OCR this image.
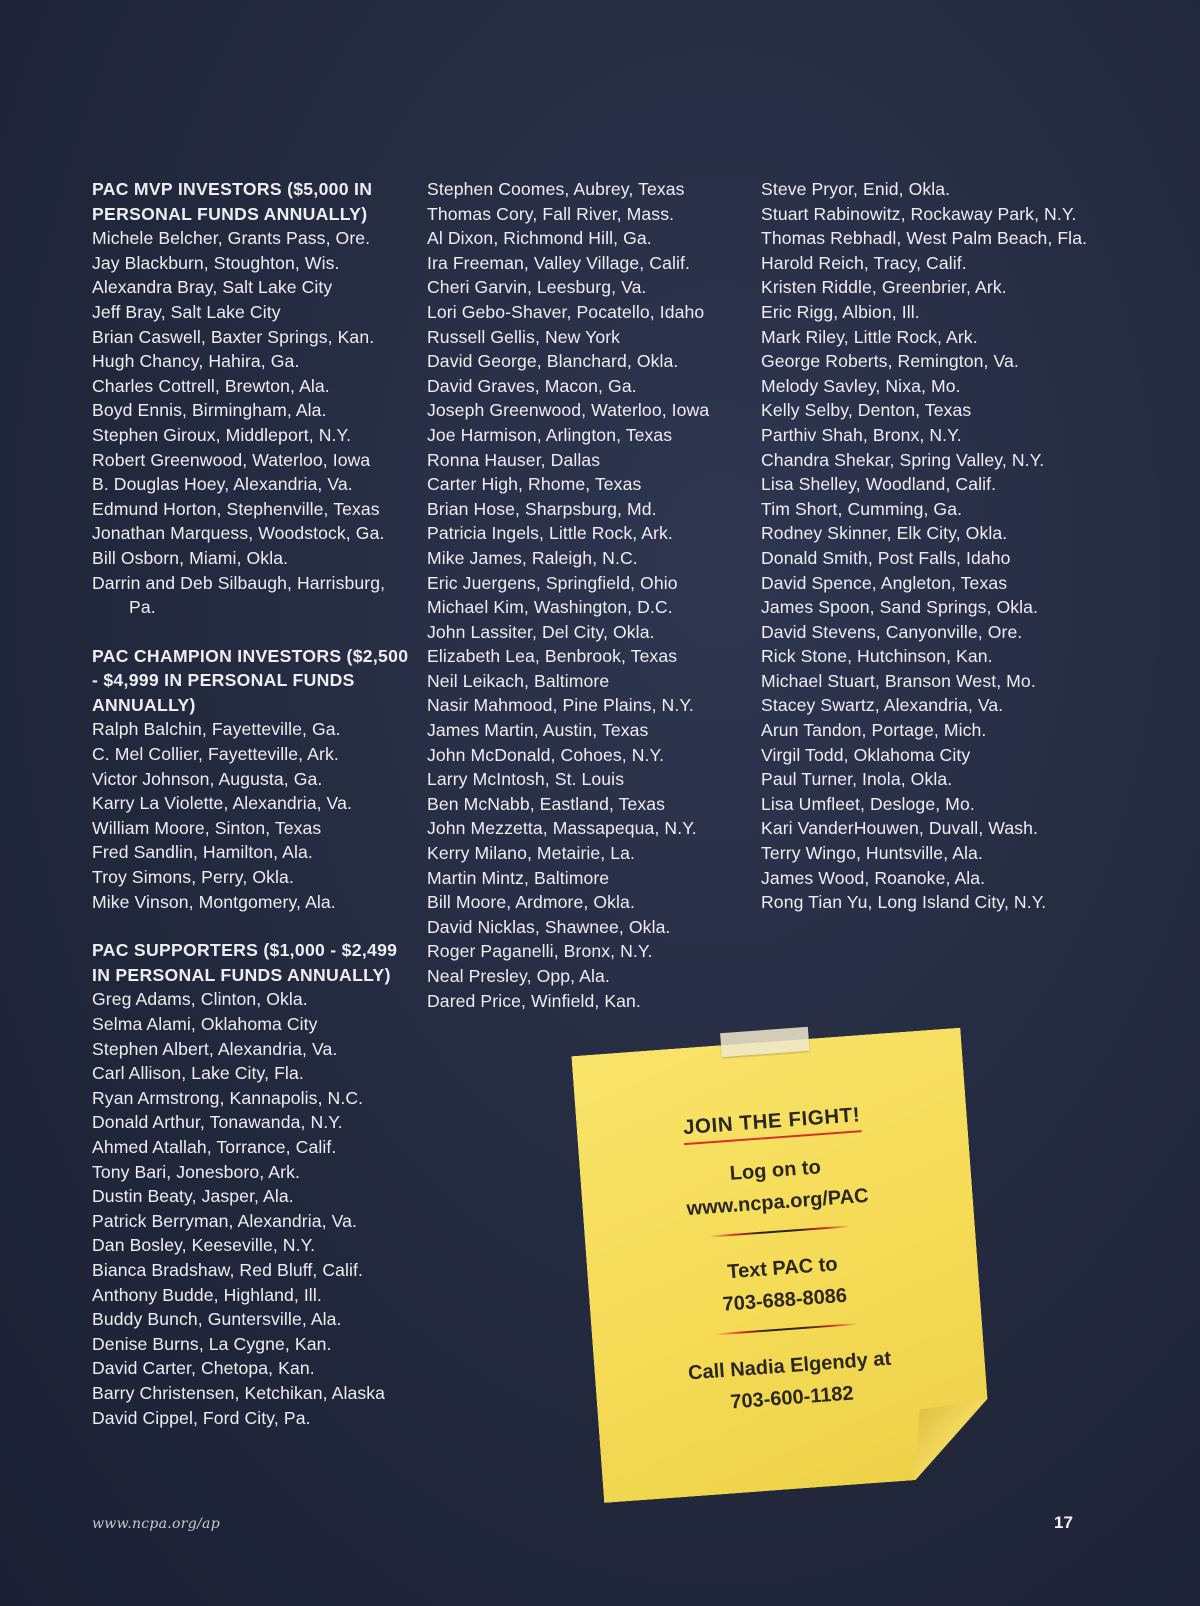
PAC MVP INVESTORS ($5,000 IN PERSONAL FUNDS ANNUALLY)
Michele Belcher, Grants Pass, Ore.
Jay Blackburn, Stoughton, Wis.
Alexandra Bray, Salt Lake City
Jeff Bray, Salt Lake City
Brian Caswell, Baxter Springs, Kan.
Hugh Chancy, Hahira, Ga.
Charles Cottrell, Brewton, Ala.
Boyd Ennis, Birmingham, Ala.
Stephen Giroux, Middleport, N.Y.
Robert Greenwood, Waterloo, Iowa
B. Douglas Hoey, Alexandria, Va.
Edmund Horton, Stephenville, Texas
Jonathan Marquess, Woodstock, Ga.
Bill Osborn, Miami, Okla.
Darrin and Deb Silbaugh, Harrisburg, Pa.
PAC CHAMPION INVESTORS ($2,500 - $4,999 IN PERSONAL FUNDS ANNUALLY)
Ralph Balchin, Fayetteville, Ga.
C. Mel Collier, Fayetteville, Ark.
Victor Johnson, Augusta, Ga.
Karry La Violette, Alexandria, Va.
William Moore, Sinton, Texas
Fred Sandlin, Hamilton, Ala.
Troy Simons, Perry, Okla.
Mike Vinson, Montgomery, Ala.
PAC SUPPORTERS ($1,000 - $2,499 IN PERSONAL FUNDS ANNUALLY)
Greg Adams, Clinton, Okla.
Selma Alami, Oklahoma City
Stephen Albert, Alexandria, Va.
Carl Allison, Lake City, Fla.
Ryan Armstrong, Kannapolis, N.C.
Donald Arthur, Tonawanda, N.Y.
Ahmed Atallah, Torrance, Calif.
Tony Bari, Jonesboro, Ark.
Dustin Beaty, Jasper, Ala.
Patrick Berryman, Alexandria, Va.
Dan Bosley, Keeseville, N.Y.
Bianca Bradshaw, Red Bluff, Calif.
Anthony Budde, Highland, Ill.
Buddy Bunch, Guntersville, Ala.
Denise Burns, La Cygne, Kan.
David Carter, Chetopa, Kan.
Barry Christensen, Ketchikan, Alaska
David Cippel, Ford City, Pa.
Stephen Coomes, Aubrey, Texas
Thomas Cory, Fall River, Mass.
Al Dixon, Richmond Hill, Ga.
Ira Freeman, Valley Village, Calif.
Cheri Garvin, Leesburg, Va.
Lori Gebo-Shaver, Pocatello, Idaho
Russell Gellis, New York
David George, Blanchard, Okla.
David Graves, Macon, Ga.
Joseph Greenwood, Waterloo, Iowa
Joe Harmison, Arlington, Texas
Ronna Hauser, Dallas
Carter High, Rhome, Texas
Brian Hose, Sharpsburg, Md.
Patricia Ingels, Little Rock, Ark.
Mike James, Raleigh, N.C.
Eric Juergens, Springfield, Ohio
Michael Kim, Washington, D.C.
John Lassiter, Del City, Okla.
Elizabeth Lea, Benbrook, Texas
Neil Leikach, Baltimore
Nasir Mahmood, Pine Plains, N.Y.
James Martin, Austin, Texas
John McDonald, Cohoes, N.Y.
Larry McIntosh, St. Louis
Ben McNabb, Eastland, Texas
John Mezzetta, Massapequa, N.Y.
Kerry Milano, Metairie, La.
Martin Mintz, Baltimore
Bill Moore, Ardmore, Okla.
David Nicklas, Shawnee, Okla.
Roger Paganelli, Bronx, N.Y.
Neal Presley, Opp, Ala.
Dared Price, Winfield, Kan.
Steve Pryor, Enid, Okla.
Stuart Rabinowitz, Rockaway Park, N.Y.
Thomas Rebhadl, West Palm Beach, Fla.
Harold Reich, Tracy, Calif.
Kristen Riddle, Greenbrier, Ark.
Eric Rigg, Albion, Ill.
Mark Riley, Little Rock, Ark.
George Roberts, Remington, Va.
Melody Savley, Nixa, Mo.
Kelly Selby, Denton, Texas
Parthiv Shah, Bronx, N.Y.
Chandra Shekar, Spring Valley, N.Y.
Lisa Shelley, Woodland, Calif.
Tim Short, Cumming, Ga.
Rodney Skinner, Elk City, Okla.
Donald Smith, Post Falls, Idaho
David Spence, Angleton, Texas
James Spoon, Sand Springs, Okla.
David Stevens, Canyonville, Ore.
Rick Stone, Hutchinson, Kan.
Michael Stuart, Branson West, Mo.
Stacey Swartz, Alexandria, Va.
Arun Tandon, Portage, Mich.
Virgil Todd, Oklahoma City
Paul Turner, Inola, Okla.
Lisa Umfleet, Desloge, Mo.
Kari VanderHouwen, Duvall, Wash.
Terry Wingo, Huntsville, Ala.
James Wood, Roanoke, Ala.
Rong Tian Yu, Long Island City, N.Y.
JOIN THE FIGHT!
Log on to
www.ncpa.org/PAC
Text PAC to
703-688-8086
Call Nadia Elgendy at
703-600-1182
www.ncpa.org/ap	17
